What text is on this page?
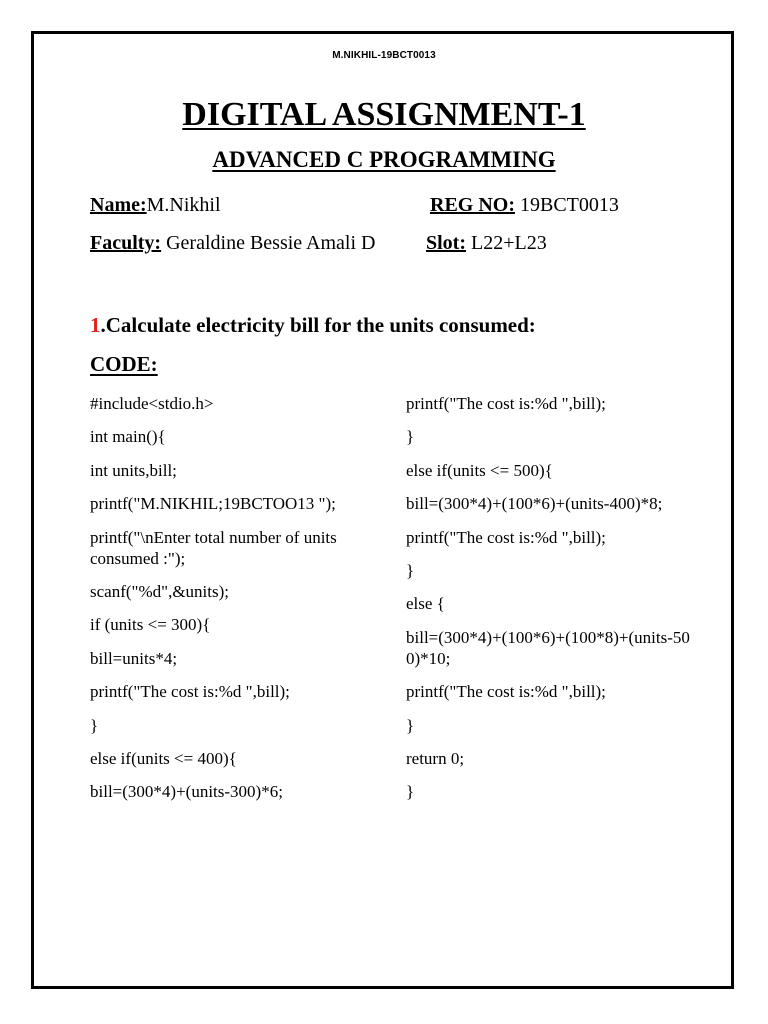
M.NIKHIL-19BCT0013
DIGITAL ASSIGNMENT-1
ADVANCED C PROGRAMMING
Name:M.Nikhil	REG NO: 19BCT0013
Faculty: Geraldine Bessie Amali D	Slot: L22+L23
1.Calculate electricity bill for the units consumed:
CODE:
#include<stdio.h>
int main(){
int units,bill;
printf("M.NIKHIL;19BCTOO13 ");
printf("\nEnter total number of units consumed :");
scanf("%d",&units);
if (units <= 300){
bill=units*4;
printf("The cost is:%d ",bill);
}
else if(units <= 400){
bill=(300*4)+(units-300)*6;
printf("The cost is:%d ",bill);
}
else if(units <= 500){
bill=(300*4)+(100*6)+(units-400)*8;
printf("The cost is:%d ",bill);
}
else {
bill=(300*4)+(100*6)+(100*8)+(units-500)*10;
printf("The cost is:%d ",bill);
}
return 0;
}
